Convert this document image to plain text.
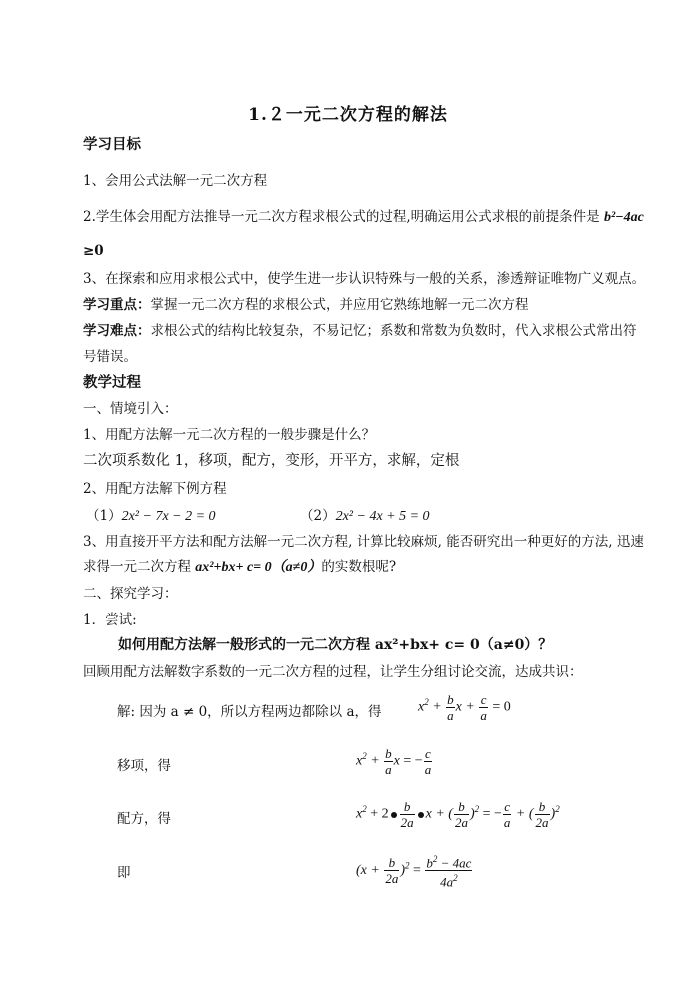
1.２一元二次方程的解法
学习目标
1、会用公式法解一元二次方程
2.学生体会用配方法推导一元二次方程求根公式的过程,明确运用公式求根的前提条件是 b²−4ac
≥0
3、在探索和应用求根公式中，使学生进一步认识特殊与一般的关系，渗透辩证唯物广义观点。
学习重点：掌握一元二次方程的求根公式，并应用它熟练地解一元二次方程
学习难点：求根公式的结构比较复杂，不易记忆；系数和常数为负数时，代入求根公式常出符
号错误。
教学过程
一、情境引入：
1、用配方法解一元二次方程的一般步骤是什么？
二次项系数化 1，移项，配方，变形，开平方，求解，定根
2、用配方法解下例方程
（1）2x² − 7x − 2 = 0	（2）2x² − 4x + 5 = 0
3、用直接开平方法和配方法解一元二次方程, 计算比较麻烦, 能否研究出一种更好的方法, 迅速
求得一元二次方程 ax²+bx+ c= 0（a≠0）的实数根呢?
二、探究学习：
1．尝试:
如何用配方法解一般形式的一元二次方程 ax²+bx+ c= 0（a≠0）？
回顾用配方法解数字系数的一元二次方程的过程，让学生分组讨论交流，达成共识：
解: 因为 a ≠ 0，所以方程两边都除以 a，得	$x^2 + \frac{b}{a}$ $x + \frac{c}{a} = 0$
移项，得	$x^2 + \frac{b}{a}$ x = − $\frac{c}{a}$
配方，得	$x^2 + 2 \frac{b}{2a}$ x + ( $\frac{b}{2a} )^2$ = − $\frac{c}{a}$ + ( $\frac{b}{2a} )^2$
即	$(x + \frac{b}{2a} )^2 = \frac{b^2 - 4ac}{4a^2}$
